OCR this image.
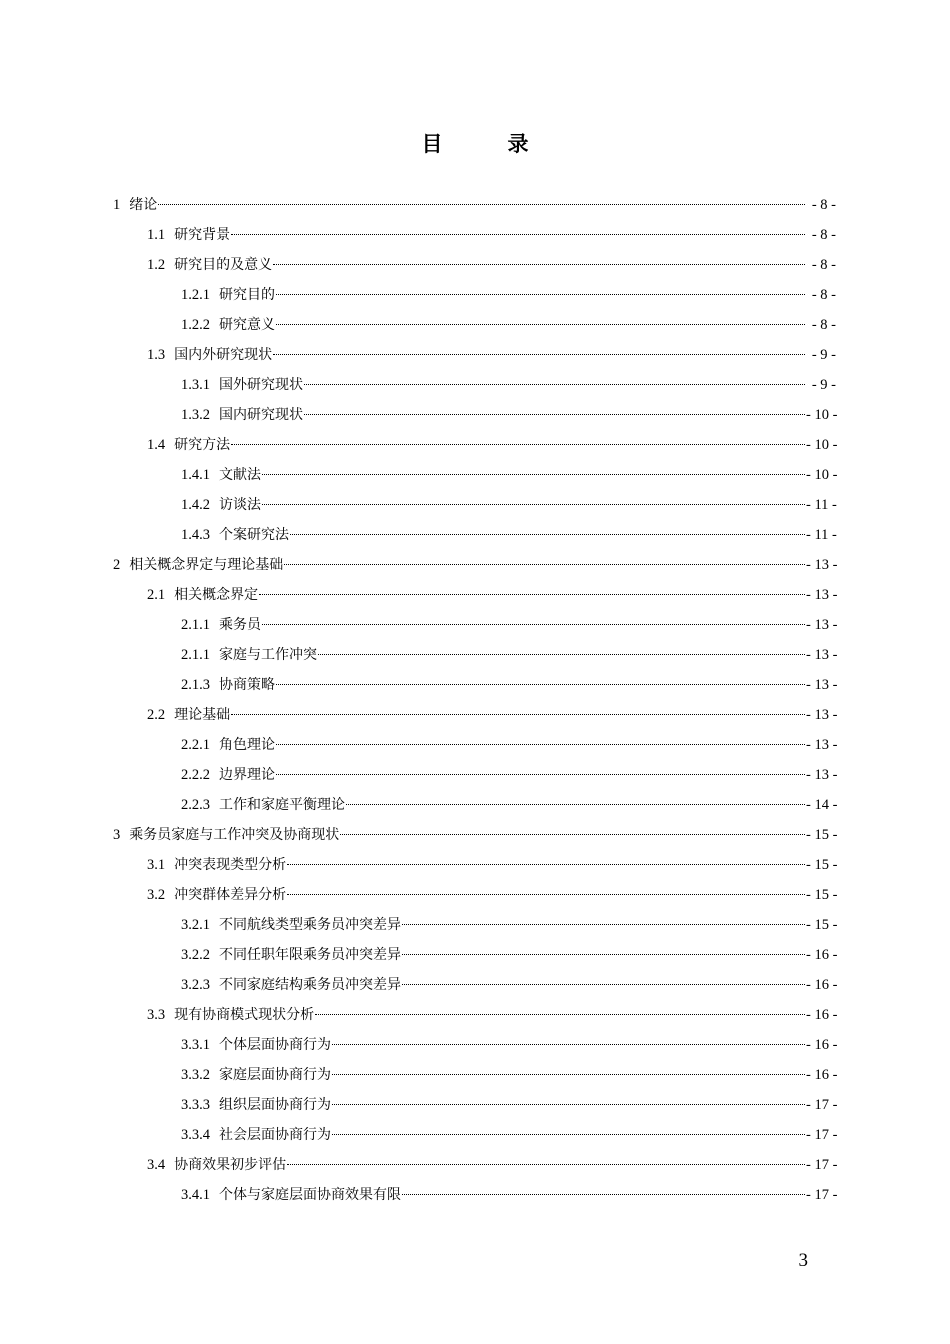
目　录
1 绪论	- 8 -
1.1 研究背景	- 8 -
1.2 研究目的及意义	- 8 -
1.2.1 研究目的	- 8 -
1.2.2 研究意义	- 8 -
1.3 国内外研究现状	- 9 -
1.3.1 国外研究现状	- 9 -
1.3.2 国内研究现状	- 10 -
1.4 研究方法	- 10 -
1.4.1 文献法	- 10 -
1.4.2 访谈法	- 11 -
1.4.3 个案研究法	- 11 -
2 相关概念界定与理论基础	- 13 -
2.1 相关概念界定	- 13 -
2.1.1 乘务员	- 13 -
2.1.1 家庭与工作冲突	- 13 -
2.1.3 协商策略	- 13 -
2.2 理论基础	- 13 -
2.2.1 角色理论	- 13 -
2.2.2 边界理论	- 13 -
2.2.3 工作和家庭平衡理论	- 14 -
3 乘务员家庭与工作冲突及协商现状	- 15 -
3.1 冲突表现类型分析	- 15 -
3.2 冲突群体差异分析	- 15 -
3.2.1 不同航线类型乘务员冲突差异	- 15 -
3.2.2 不同任职年限乘务员冲突差异	- 16 -
3.2.3 不同家庭结构乘务员冲突差异	- 16 -
3.3 现有协商模式现状分析	- 16 -
3.3.1 个体层面协商行为	- 16 -
3.3.2 家庭层面协商行为	- 16 -
3.3.3 组织层面协商行为	- 17 -
3.3.4 社会层面协商行为	- 17 -
3.4 协商效果初步评估	- 17 -
3.4.1 个体与家庭层面协商效果有限	- 17 -
3
